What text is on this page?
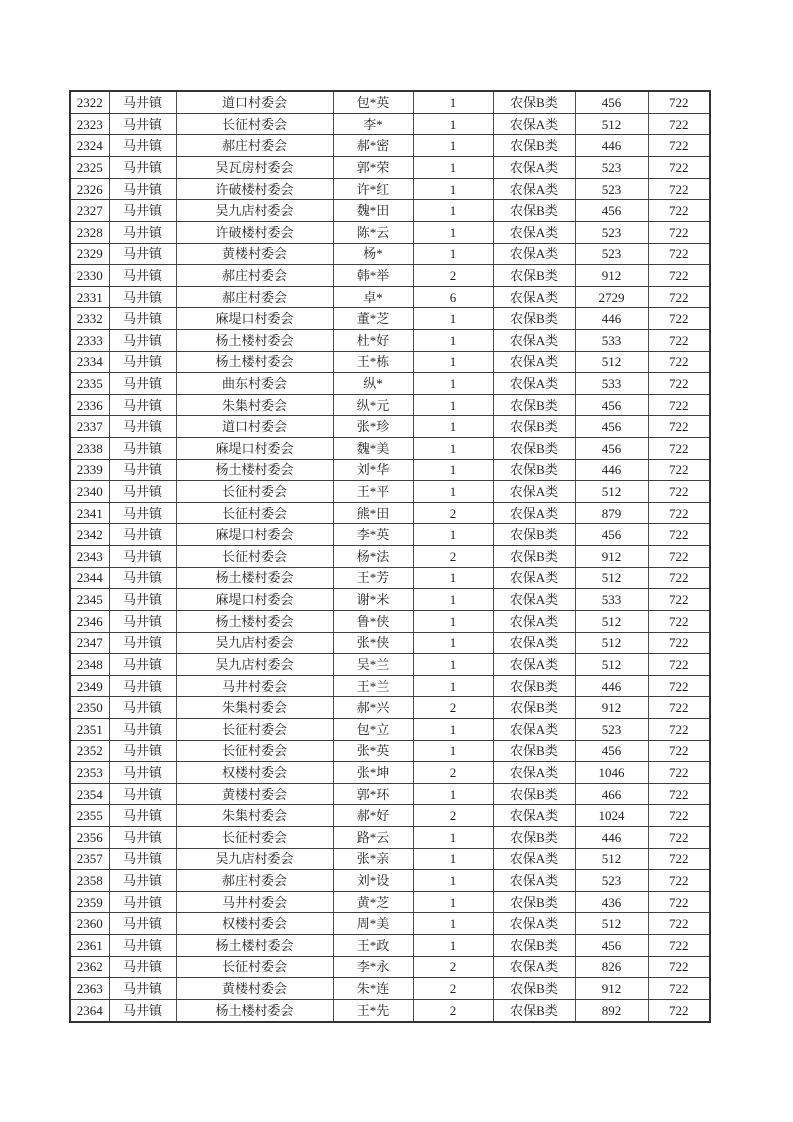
2322	马井镇	道口村委会	包*英	1	农保B类	456	722
2323	马井镇	长征村委会	李*	1	农保A类	512	722
2324	马井镇	郝庄村委会	郝*密	1	农保B类	446	722
2325	马井镇	吴瓦房村委会	郭*荣	1	农保A类	523	722
2326	马井镇	许破楼村委会	许*红	1	农保A类	523	722
2327	马井镇	吴九店村委会	魏*田	1	农保B类	456	722
2328	马井镇	许破楼村委会	陈*云	1	农保A类	523	722
2329	马井镇	黄楼村委会	杨*	1	农保A类	523	722
2330	马井镇	郝庄村委会	韩*举	2	农保B类	912	722
2331	马井镇	郝庄村委会	卓*	6	农保A类	2729	722
2332	马井镇	麻堤口村委会	董*芝	1	农保B类	446	722
2333	马井镇	杨土楼村委会	杜*好	1	农保A类	533	722
2334	马井镇	杨土楼村委会	王*栋	1	农保A类	512	722
2335	马井镇	曲东村委会	纵*	1	农保A类	533	722
2336	马井镇	朱集村委会	纵*元	1	农保B类	456	722
2337	马井镇	道口村委会	张*珍	1	农保B类	456	722
2338	马井镇	麻堤口村委会	魏*美	1	农保B类	456	722
2339	马井镇	杨土楼村委会	刘*华	1	农保B类	446	722
2340	马井镇	长征村委会	王*平	1	农保A类	512	722
2341	马井镇	长征村委会	熊*田	2	农保A类	879	722
2342	马井镇	麻堤口村委会	李*英	1	农保B类	456	722
2343	马井镇	长征村委会	杨*法	2	农保B类	912	722
2344	马井镇	杨土楼村委会	王*芳	1	农保A类	512	722
2345	马井镇	麻堤口村委会	谢*米	1	农保A类	533	722
2346	马井镇	杨土楼村委会	鲁*侠	1	农保A类	512	722
2347	马井镇	吴九店村委会	张*侠	1	农保A类	512	722
2348	马井镇	吴九店村委会	吴*兰	1	农保A类	512	722
2349	马井镇	马井村委会	王*兰	1	农保B类	446	722
2350	马井镇	朱集村委会	郝*兴	2	农保B类	912	722
2351	马井镇	长征村委会	包*立	1	农保A类	523	722
2352	马井镇	长征村委会	张*英	1	农保B类	456	722
2353	马井镇	权楼村委会	张*坤	2	农保A类	1046	722
2354	马井镇	黄楼村委会	郭*环	1	农保B类	466	722
2355	马井镇	朱集村委会	郝*好	2	农保A类	1024	722
2356	马井镇	长征村委会	路*云	1	农保B类	446	722
2357	马井镇	吴九店村委会	张*亲	1	农保A类	512	722
2358	马井镇	郝庄村委会	刘*设	1	农保A类	523	722
2359	马井镇	马井村委会	黄*芝	1	农保B类	436	722
2360	马井镇	权楼村委会	周*美	1	农保A类	512	722
2361	马井镇	杨土楼村委会	王*政	1	农保B类	456	722
2362	马井镇	长征村委会	李*永	2	农保A类	826	722
2363	马井镇	黄楼村委会	朱*连	2	农保B类	912	722
2364	马井镇	杨土楼村委会	王*先	2	农保B类	892	722
